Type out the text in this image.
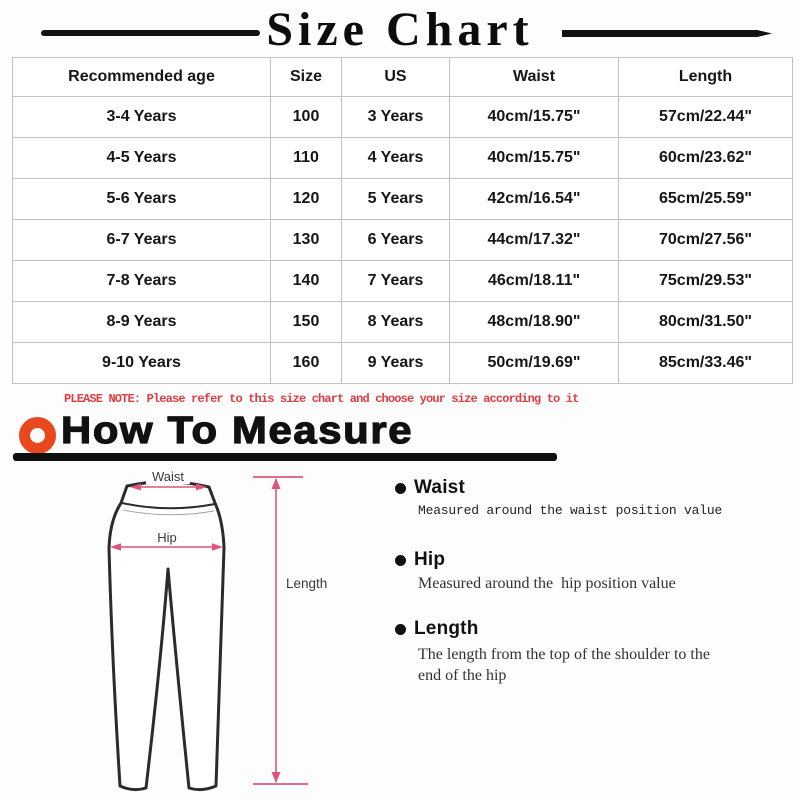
Size Chart
Recommended age	Size	US	Waist	Length
3-4 Years	100	3 Years	40cm/15.75"	57cm/22.44"
4-5 Years	110	4 Years	40cm/15.75"	60cm/23.62"
5-6 Years	120	5 Years	42cm/16.54"	65cm/25.59"
6-7 Years	130	6 Years	44cm/17.32"	70cm/27.56"
7-8 Years	140	7 Years	46cm/18.11"	75cm/29.53"
8-9 Years	150	8 Years	48cm/18.90"	80cm/31.50"
9-10 Years	160	9 Years	50cm/19.69"	85cm/33.46"
PLEASE NOTE: Please refer to this size chart and choose your size according to it
How To Measure
Waist
Hip
Length
Waist
Measured around the waist position value
Hip
Measured around the  hip position value
Length
The length from the top of the shoulder to the end of the hip
